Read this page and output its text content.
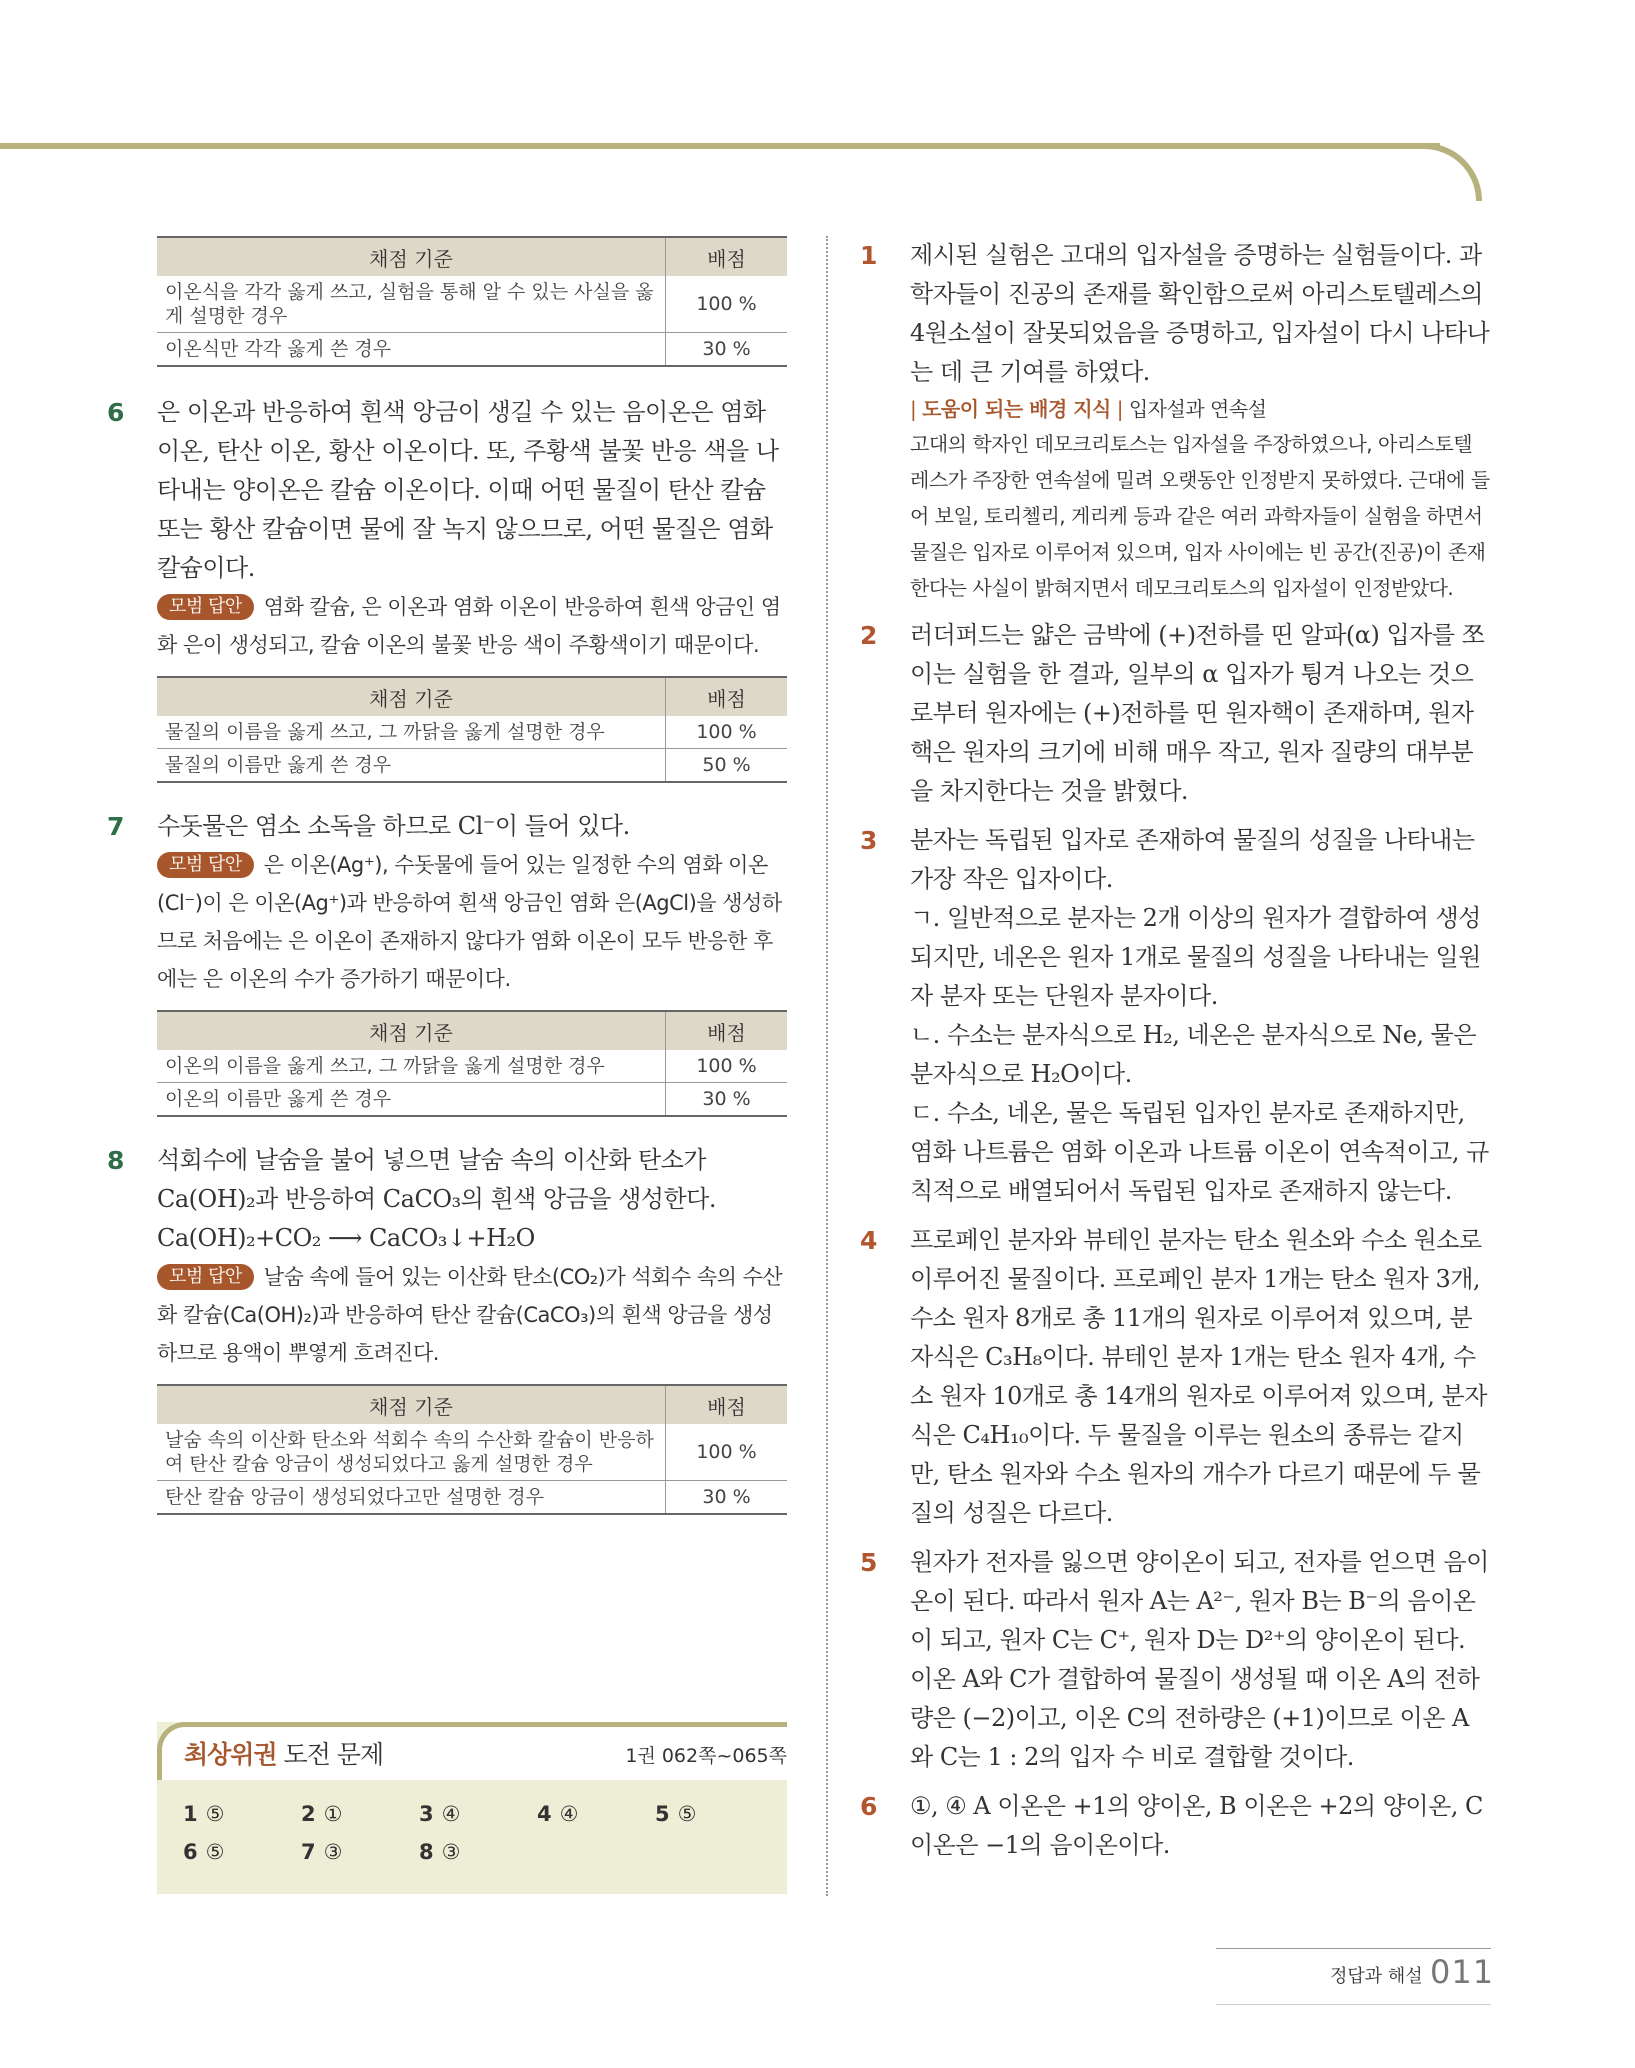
채점 기준	배점
이온식을 각각 옳게 쓰고, 실험을 통해 알 수 있는 사실을 옳게 설명한 경우	100 %
이온식만 각각 옳게 쓴 경우	30 %
6	은 이온과 반응하여 흰색 앙금이 생길 수 있는 음이온은 염화 이온, 탄산 이온, 황산 이온이다. 또, 주황색 불꽃 반응 색을 나타내는 양이온은 칼슘 이온이다. 이때 어떤 물질이 탄산 칼슘 또는 황산 칼슘이면 물에 잘 녹지 않으므로, 어떤 물질은 염화 칼슘이다.

모범 답안 염화 칼슘, 은 이온과 염화 이온이 반응하여 흰색 앙금인 염화 은이 생성되고, 칼슘 이온의 불꽃 반응 색이 주황색이기 때문이다.
채점 기준	배점
물질의 이름을 옳게 쓰고, 그 까닭을 옳게 설명한 경우	100 %
물질의 이름만 옳게 쓴 경우	50 %
7	수돗물은 염소 소독을 하므로 Cl⁻이 들어 있다.

모범 답안 은 이온(Ag⁺), 수돗물에 들어 있는 일정한 수의 염화 이온(Cl⁻)이 은 이온(Ag⁺)과 반응하여 흰색 앙금인 염화 은(AgCl)을 생성하므로 처음에는 은 이온이 존재하지 않다가 염화 이온이 모두 반응한 후에는 은 이온의 수가 증가하기 때문이다.
채점 기준	배점
이온의 이름을 옳게 쓰고, 그 까닭을 옳게 설명한 경우	100 %
이온의 이름만 옳게 쓴 경우	30 %
8	석회수에 날숨을 불어 넣으면 날숨 속의 이산화 탄소가 Ca(OH)₂과 반응하여 CaCO₃의 흰색 앙금을 생성한다.

Ca(OH)₂+CO₂ ⟶ CaCO₃↓+H₂O

모범 답안 날숨 속에 들어 있는 이산화 탄소(CO₂)가 석회수 속의 수산화 칼슘(Ca(OH)₂)과 반응하여 탄산 칼슘(CaCO₃)의 흰색 앙금을 생성하므로 용액이 뿌옇게 흐려진다.
채점 기준	배점
날숨 속의 이산화 탄소와 석회수 속의 수산화 칼슘이 반응하여 탄산 칼슘 앙금이 생성되었다고 옳게 설명한 경우	100 %
탄산 칼슘 앙금이 생성되었다고만 설명한 경우	30 %
최상위권 도전 문제	1권 062쪽~065쪽
1 ⑤	2 ①	3 ④	4 ④	5 ⑤
6 ⑤	7 ③	8 ③
1	제시된 실험은 고대의 입자설을 증명하는 실험들이다. 과학자들이 진공의 존재를 확인함으로써 아리스토텔레스의 4원소설이 잘못되었음을 증명하고, 입자설이 다시 나타나는 데 큰 기여를 하였다.

| 도움이 되는 배경 지식 | 입자설과 연속설

고대의 학자인 데모크리토스는 입자설을 주장하였으나, 아리스토텔레스가 주장한 연속설에 밀려 오랫동안 인정받지 못하였다. 근대에 들어 보일, 토리첼리, 게리케 등과 같은 여러 과학자들이 실험을 하면서 물질은 입자로 이루어져 있으며, 입자 사이에는 빈 공간(진공)이 존재한다는 사실이 밝혀지면서 데모크리토스의 입자설이 인정받았다.

2	러더퍼드는 얇은 금박에 (+)전하를 띤 알파(α) 입자를 쪼이는 실험을 한 결과, 일부의 α 입자가 튕겨 나오는 것으로부터 원자에는 (+)전하를 띤 원자핵이 존재하며, 원자핵은 원자의 크기에 비해 매우 작고, 원자 질량의 대부분을 차지한다는 것을 밝혔다.

3	분자는 독립된 입자로 존재하여 물질의 성질을 나타내는 가장 작은 입자이다.

ㄱ. 일반적으로 분자는 2개 이상의 원자가 결합하여 생성되지만, 네온은 원자 1개로 물질의 성질을 나타내는 일원자 분자 또는 단원자 분자이다.

ㄴ. 수소는 분자식으로 H₂, 네온은 분자식으로 Ne, 물은 분자식으로 H₂O이다.

ㄷ. 수소, 네온, 물은 독립된 입자인 분자로 존재하지만, 염화 나트륨은 염화 이온과 나트륨 이온이 연속적이고, 규칙적으로 배열되어서 독립된 입자로 존재하지 않는다.

4	프로페인 분자와 뷰테인 분자는 탄소 원소와 수소 원소로 이루어진 물질이다. 프로페인 분자 1개는 탄소 원자 3개, 수소 원자 8개로 총 11개의 원자로 이루어져 있으며, 분자식은 C₃H₈이다. 뷰테인 분자 1개는 탄소 원자 4개, 수소 원자 10개로 총 14개의 원자로 이루어져 있으며, 분자식은 C₄H₁₀이다. 두 물질을 이루는 원소의 종류는 같지만, 탄소 원자와 수소 원자의 개수가 다르기 때문에 두 물질의 성질은 다르다.

5	원자가 전자를 잃으면 양이온이 되고, 전자를 얻으면 음이온이 된다. 따라서 원자 A는 A²⁻, 원자 B는 B⁻의 음이온이 되고, 원자 C는 C⁺, 원자 D는 D²⁺의 양이온이 된다. 이온 A와 C가 결합하여 물질이 생성될 때 이온 A의 전하량은 (−2)이고, 이온 C의 전하량은 (+1)이므로 이온 A와 C는 1 : 2의 입자 수 비로 결합할 것이다.

6	①, ④ A 이온은 +1의 양이온, B 이온은 +2의 양이온, C 이온은 −1의 음이온이다.

정답과 해설 011
